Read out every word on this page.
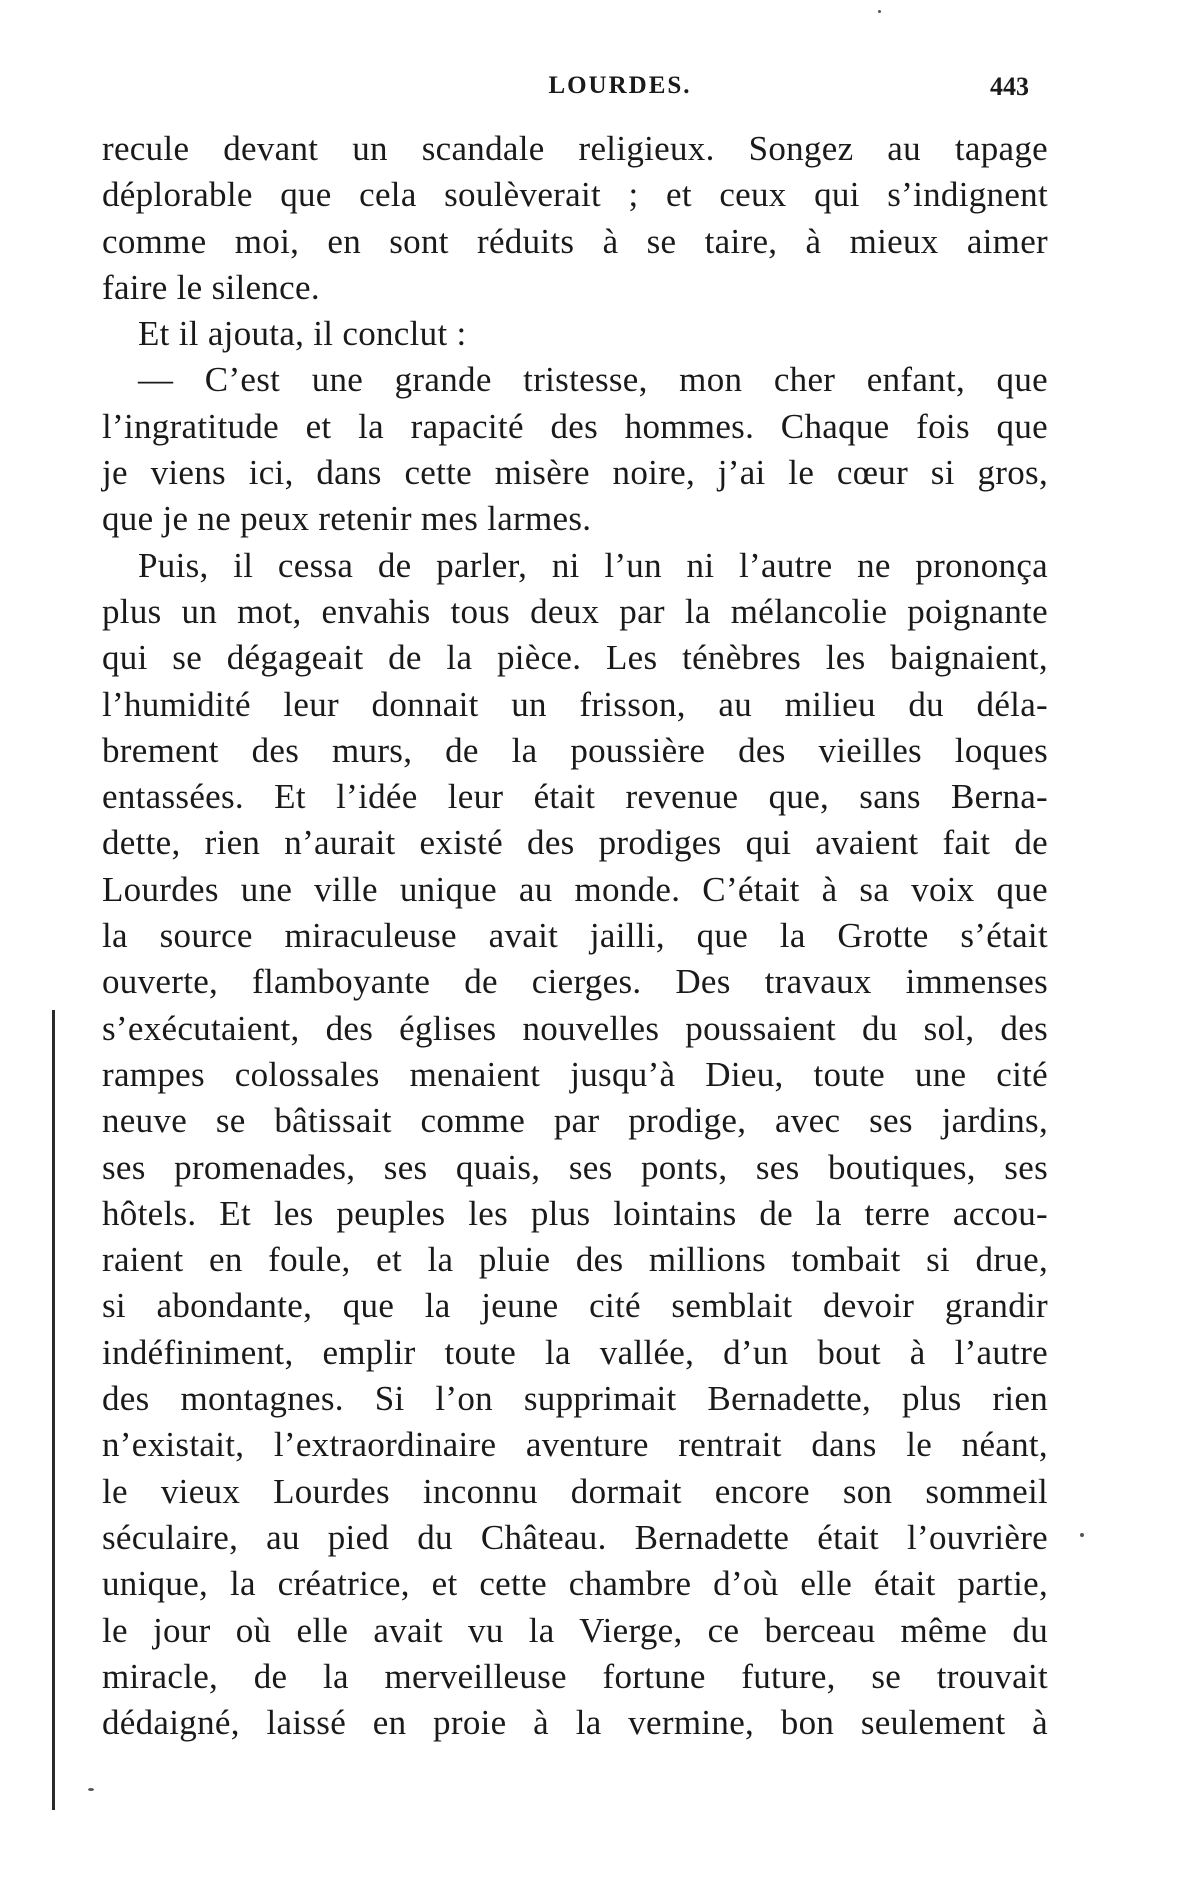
LOURDES.	443
recule devant un scandale religieux. Songez au tapage
déplorable que cela soulèverait ; et ceux qui s’indignent
comme moi, en sont réduits à se taire, à mieux aimer
faire le silence.
Et il ajouta, il conclut :
— C’est une grande tristesse, mon cher enfant, que
l’ingratitude et la rapacité des hommes. Chaque fois que
je viens ici, dans cette misère noire, j’ai le cœur si gros,
que je ne peux retenir mes larmes.
Puis, il cessa de parler, ni l’un ni l’autre ne prononça
plus un mot, envahis tous deux par la mélancolie poignante
qui se dégageait de la pièce. Les ténèbres les baignaient,
l’humidité leur donnait un frisson, au milieu du déla-
brement des murs, de la poussière des vieilles loques
entassées. Et l’idée leur était revenue que, sans Berna-
dette, rien n’aurait existé des prodiges qui avaient fait de
Lourdes une ville unique au monde. C’était à sa voix que
la source miraculeuse avait jailli, que la Grotte s’était
ouverte, flamboyante de cierges. Des travaux immenses
s’exécutaient, des églises nouvelles poussaient du sol, des
rampes colossales menaient jusqu’à Dieu, toute une cité
neuve se bâtissait comme par prodige, avec ses jardins,
ses promenades, ses quais, ses ponts, ses boutiques, ses
hôtels. Et les peuples les plus lointains de la terre accou-
raient en foule, et la pluie des millions tombait si drue,
si abondante, que la jeune cité semblait devoir grandir
indéfiniment, emplir toute la vallée, d’un bout à l’autre
des montagnes. Si l’on supprimait Bernadette, plus rien
n’existait, l’extraordinaire aventure rentrait dans le néant,
le vieux Lourdes inconnu dormait encore son sommeil
séculaire, au pied du Château. Bernadette était l’ouvrière
unique, la créatrice, et cette chambre d’où elle était partie,
le jour où elle avait vu la Vierge, ce berceau même du
miracle, de la merveilleuse fortune future, se trouvait
dédaigné, laissé en proie à la vermine, bon seulement à
